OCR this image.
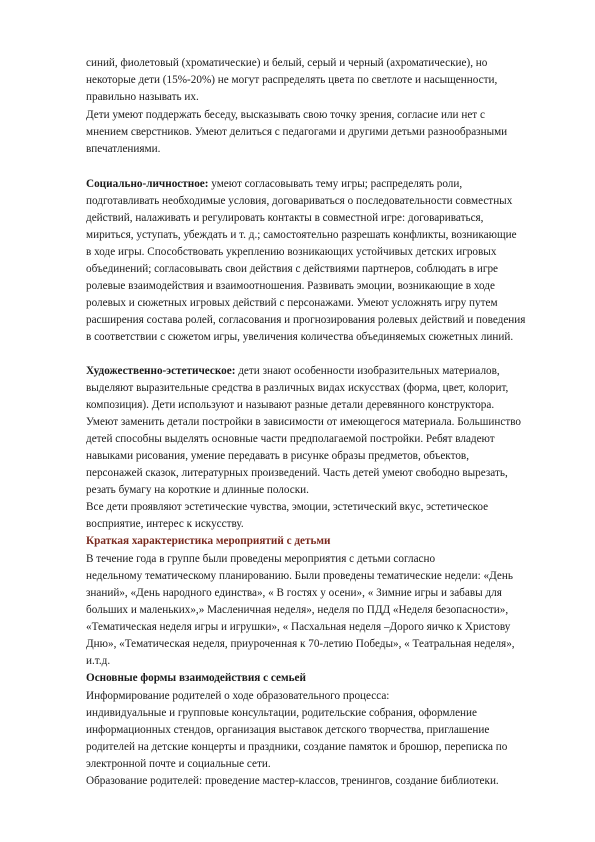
синий, фиолетовый (хроматические) и белый, серый и черный (ахроматические), но
некоторые дети (15%-20%) не могут распределять цвета по светлоте и насыщенности,
правильно называть их.
Дети умеют поддержать беседу, высказывать свою точку зрения, согласие или нет с
мнением сверстников. Умеют делиться с педагогами и другими детьми разнообразными
впечатлениями.
Социально-личностное: умеют согласовывать тему игры; распределять роли,
подготавливать необходимые условия, договариваться о последовательности совместных
действий, налаживать и регулировать контакты в совместной игре: договариваться,
мириться, уступать, убеждать и т. д.; самостоятельно разрешать конфликты, возникающие
в ходе игры. Способствовать укреплению возникающих устойчивых детских игровых
объединений; согласовывать свои действия с действиями партнеров, соблюдать в игре
ролевые взаимодействия и взаимоотношения. Развивать эмоции, возникающие в ходе
ролевых и сюжетных игровых действий с персонажами. Умеют усложнять игру путем
расширения состава ролей, согласования и прогнозирования ролевых действий и поведения
в соответствии с сюжетом игры, увеличения количества объединяемых сюжетных линий.
Художественно-эстетическое: дети знают особенности изобразительных материалов,
выделяют выразительные средства в различных видах искусствах (форма, цвет, колорит,
композиция). Дети используют и называют разные детали деревянного конструктора.
Умеют заменить детали постройки в зависимости от имеющегося материала. Большинство
детей способны выделять основные части предполагаемой постройки. Ребят владеют
навыками рисования, умение передавать в рисунке образы предметов, объектов,
персонажей сказок, литературных произведений. Часть детей умеют свободно вырезать,
резать бумагу на короткие и длинные полоски.
Все дети проявляют эстетические чувства, эмоции, эстетический вкус, эстетическое
восприятие, интерес к искусству.
Краткая характеристика мероприятий с детьми
В течение года в группе были проведены мероприятия с детьми согласно
недельному тематическому планированию. Были проведены тематические недели: «День
знаний», «День народного единства», « В гостях у осени», « Зимние игры и забавы для
больших и маленьких»,» Масленичная неделя», неделя по ПДД «Неделя безопасности»,
«Тематическая неделя игры и игрушки», « Пасхальная неделя –Дорого яичко к Христову
Дню», «Тематическая неделя, приуроченная к 70-летию Победы», « Театральная неделя»,
и.т.д.
Основные формы взаимодействия с семьей
Информирование родителей о ходе образовательного процесса:
индивидуальные и групповые консультации, родительские собрания, оформление
информационных стендов, организация выставок детского творчества, приглашение
родителей на детские концерты и праздники, создание памяток и брошюр, переписка по
электронной почте и социальные сети.
Образование родителей: проведение мастер-классов, тренингов, создание библиотеки.
